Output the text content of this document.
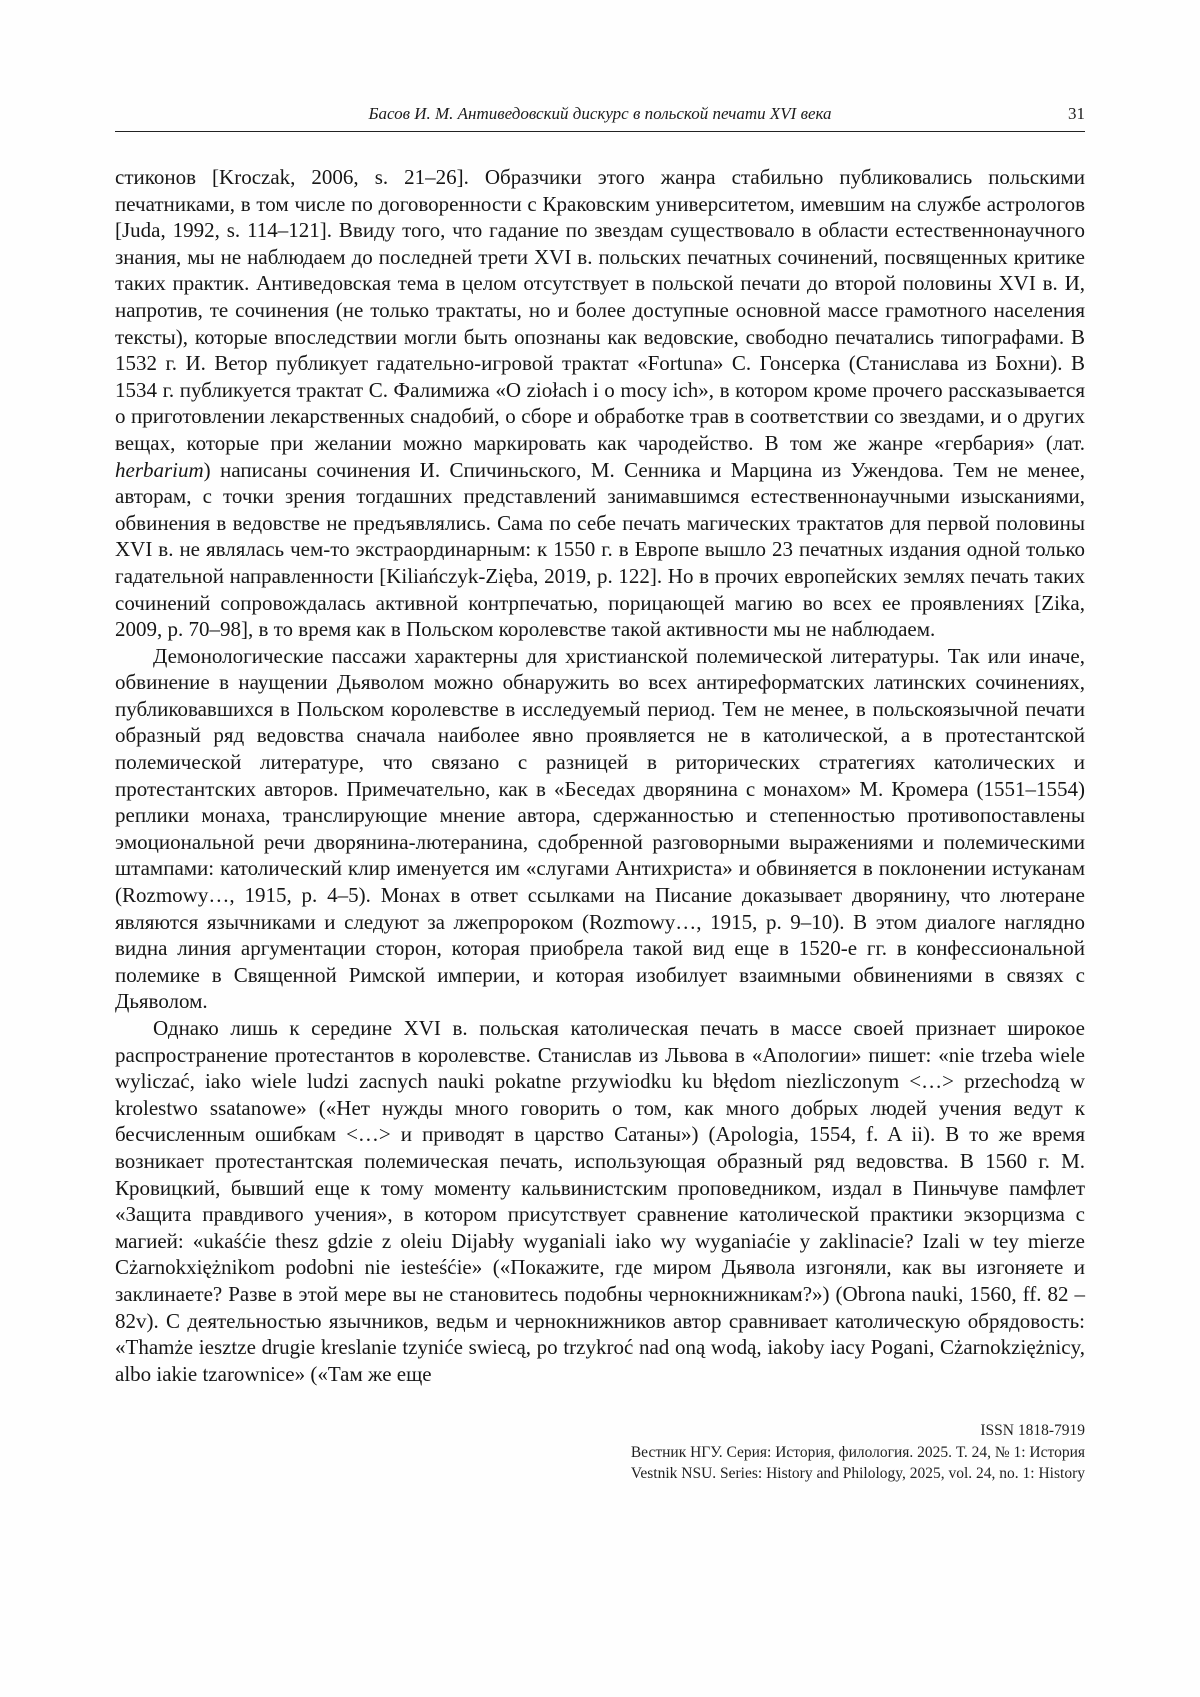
Басов И. М. Антиведовский дискурс в польской печати XVI века	31

стиконов [Kroczak, 2006, s. 21–26]. Образчики этого жанра стабильно публиковались польскими печатниками, в том числе по договоренности с Краковским университетом, имевшим на службе астрологов [Juda, 1992, s. 114–121]. Ввиду того, что гадание по звездам существовало в области естественнонаучного знания, мы не наблюдаем до последней трети XVI в. польских печатных сочинений, посвященных критике таких практик. Антиведовская тема в целом отсутствует в польской печати до второй половины XVI в. И, напротив, те сочинения (не только трактаты, но и более доступные основной массе грамотного населения тексты), которые впоследствии могли быть опознаны как ведовские, свободно печатались типографами. В 1532 г. И. Ветор публикует гадательно-игровой трактат «Fortuna» С. Гонсерка (Станислава из Бохни). В 1534 г. публикуется трактат С. Фалимижа «O ziołach i o mocy ich», в котором кроме прочего рассказывается о приготовлении лекарственных снадобий, о сборе и обработке трав в соответствии со звездами, и о других вещах, которые при желании можно маркировать как чародейство. В том же жанре «гербария» (лат. herbarium) написаны сочинения И. Спичиньского, М. Сенника и Марцина из Ужендова. Тем не менее, авторам, с точки зрения тогдашних представлений занимавшимся естественнонаучными изысканиями, обвинения в ведовстве не предъявлялись. Сама по себе печать магических трактатов для первой половины XVI в. не являлась чем-то экстраординарным: к 1550 г. в Европе вышло 23 печатных издания одной только гадательной направленности [Kiliańczyk-Zięba, 2019, p. 122]. Но в прочих европейских землях печать таких сочинений сопровождалась активной контрпечатью, порицающей магию во всех ее проявлениях [Zika, 2009, p. 70–98], в то время как в Польском королевстве такой активности мы не наблюдаем.

Демонологические пассажи характерны для христианской полемической литературы. Так или иначе, обвинение в наущении Дьяволом можно обнаружить во всех антиреформатских латинских сочинениях, публиковавшихся в Польском королевстве в исследуемый период. Тем не менее, в польскоязычной печати образный ряд ведовства сначала наиболее явно проявляется не в католической, а в протестантской полемической литературе, что связано с разницей в риторических стратегиях католических и протестантских авторов. Примечательно, как в «Беседах дворянина с монахом» М. Кромера (1551–1554) реплики монаха, транслирующие мнение автора, сдержанностью и степенностью противопоставлены эмоциональной речи дворянина-лютеранина, сдобренной разговорными выражениями и полемическими штампами: католический клир именуется им «слугами Антихриста» и обвиняется в поклонении истуканам (Rozmowy…, 1915, p. 4–5). Монах в ответ ссылками на Писание доказывает дворянину, что лютеране являются язычниками и следуют за лжепророком (Rozmowy…, 1915, p. 9–10). В этом диалоге наглядно видна линия аргументации сторон, которая приобрела такой вид еще в 1520-е гг. в конфессиональной полемике в Священной Римской империи, и которая изобилует взаимными обвинениями в связях с Дьяволом.

Однако лишь к середине XVI в. польская католическая печать в массе своей признает широкое распространение протестантов в королевстве. Станислав из Львова в «Апологии» пишет: «nie trzeba wiele wyliczać, iako wiele ludzi zacnych nauki pokatne przywiodku ku błędom niezliczonym <…> przechodzą w krolestwo ssatanowe» («Нет нужды много говорить о том, как много добрых людей учения ведут к бесчисленным ошибкам <…> и приводят в царство Сатаны») (Apologia, 1554, f. A ii). В то же время возникает протестантская полемическая печать, использующая образный ряд ведовства. В 1560 г. М. Кровицкий, бывший еще к тому моменту кальвинистским проповедником, издал в Пиньчуве памфлет «Защита правдивого учения», в котором присутствует сравнение католической практики экзорцизма с магией: «ukaśćie thesz gdzie z oleiu Dijabły wyganiali iako wy wyganiaćie y zaklinacie? Izali w tey mierze Cżarnokxiężnikom podobni nie iesteśćie» («Покажите, где миром Дьявола изгоняли, как вы изгоняете и заклинаете? Разве в этой мере вы не становитесь подобны чернокнижникам?») (Obrona nauki, 1560, ff. 82 – 82v). С деятельностью язычников, ведьм и чернокнижников автор сравнивает католическую обрядовость: «Thamże iesztze drugie kreslanie tzyniće swiecą, po trzykroć nad oną wodą, iakoby iacy Pogani, Cżarnokziężnicy, albo iakie tzarownice» («Там же еще

ISSN 1818-7919
Вестник НГУ. Серия: История, филология. 2025. Т. 24, № 1: История
Vestnik NSU. Series: History and Philology, 2025, vol. 24, no. 1: History
